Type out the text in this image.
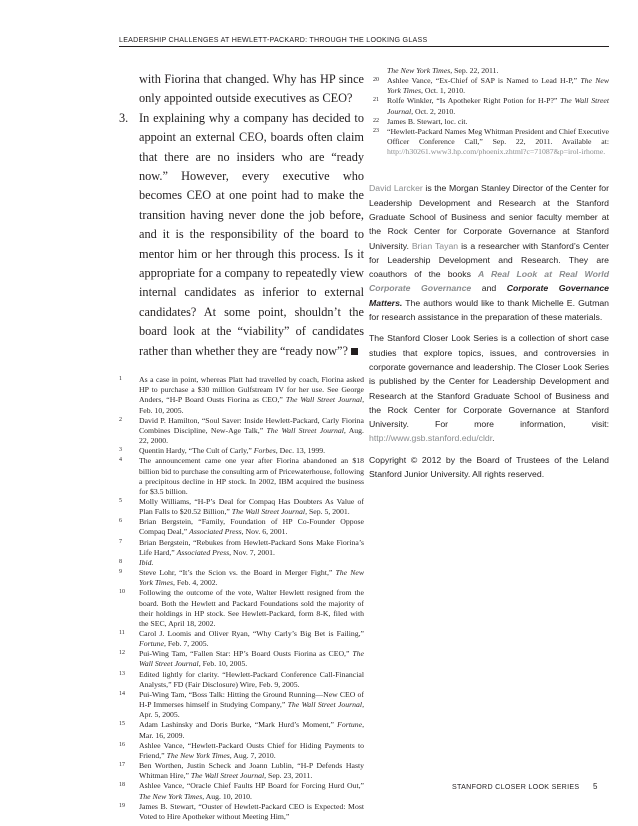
LEADERSHIP CHALLENGES AT HEWLETT-PACKARD: THROUGH THE LOOKING GLASS

with Fiorina that changed. Why has HP since only appointed outside executives as CEO?

3. In explaining why a company has decided to appoint an external CEO, boards often claim that there are no insiders who are “ready now.” However, every executive who becomes CEO at one point had to make the transition having never done the job before, and it is the responsibility of the board to mentor him or her through this process. Is it appropriate for a company to repeatedly view internal candidates as inferior to external candidates? At some point, shouldn’t the board look at the “viability” of candidates rather than whether they are “ready now”?

1 As a case in point, whereas Platt had travelled by coach, Fiorina asked HP to purchase a $30 million Gulfstream IV for her use. See George Anders, “H-P Board Ousts Fiorina as CEO,” The Wall Street Journal, Feb. 10, 2005.
2 David P. Hamilton, “Soul Saver: Inside Hewlett-Packard, Carly Fiorina Combines Discipline, New-Age Talk,” The Wall Street Journal, Aug. 22, 2000.
3 Quentin Hardy, “The Cult of Carly,” Forbes, Dec. 13, 1999.
4 The announcement came one year after Fiorina abandoned an $18 billion bid to purchase the consulting arm of Pricewaterhouse, following a precipitous decline in HP stock. In 2002, IBM acquired the business for $3.5 billion.
5 Molly Williams, “H-P’s Deal for Compaq Has Doubters As Value of Plan Falls to $20.52 Billion,” The Wall Street Journal, Sep. 5, 2001.
6 Brian Bergstein, “Family, Foundation of HP Co-Founder Oppose Compaq Deal,” Associated Press, Nov. 6, 2001.
7 Brian Bergstein, “Rebukes from Hewlett-Packard Sons Make Fiorina’s Life Hard,” Associated Press, Nov. 7, 2001.
8 Ibid.
9 Steve Lohr, “It’s the Scion vs. the Board in Merger Fight,” The New York Times, Feb. 4, 2002.
10 Following the outcome of the vote, Walter Hewlett resigned from the board. Both the Hewlett and Packard Foundations sold the majority of their holdings in HP stock. See Hewlett-Packard, form 8-K, filed with the SEC, April 18, 2002.
11 Carol J. Loomis and Oliver Ryan, “Why Carly’s Big Bet is Failing,” Fortune, Feb. 7, 2005.
12 Pui-Wing Tam, “Fallen Star: HP’s Board Ousts Fiorina as CEO,” The Wall Street Journal, Feb. 10, 2005.
13 Edited lightly for clarity. “Hewlett-Packard Conference Call-Financial Analysts,” FD (Fair Disclosure) Wire, Feb. 9, 2005.
14 Pui-Wing Tam, “Boss Talk: Hitting the Ground Running—New CEO of H-P Immerses himself in Studying Company,” The Wall Street Journal, Apr. 5, 2005.
15 Adam Lashinsky and Doris Burke, “Mark Hurd’s Moment,” Fortune, Mar. 16, 2009.
16 Ashlee Vance, “Hewlett-Packard Ousts Chief for Hiding Payments to Friend,” The New York Times, Aug. 7, 2010.
17 Ben Worthen, Justin Scheck and Joann Lublin, “H-P Defends Hasty Whitman Hire,” The Wall Street Journal, Sep. 23, 2011.
18 Ashlee Vance, “Oracle Chief Faults HP Board for Forcing Hurd Out,” The New York Times, Aug. 10, 2010.
19 James B. Stewart, “Ouster of Hewlett-Packard CEO is Expected: Most Voted to Hire Apotheker without Meeting Him,”
The New York Times, Sep. 22, 2011.
20 Ashlee Vance, “Ex-Chief of SAP is Named to Lead H-P,” The New York Times, Oct. 1, 2010.
21 Rolfe Winkler, “Is Apotheker Right Potion for H-P?” The Wall Street Journal, Oct. 2, 2010.
22 James B. Stewart, loc. cit.
23 “Hewlett-Packard Names Meg Whitman President and Chief Executive Officer Conference Call,” Sep. 22, 2011. Available at: http://h30261.www3.hp.com/phoenix.zhtml?c=71087&p=irol-irhome.

David Larcker is the Morgan Stanley Director of the Center for Leadership Development and Research at the Stanford Graduate School of Business and senior faculty member at the Rock Center for Corporate Governance at Stanford University. Brian Tayan is a researcher with Stanford’s Center for Leadership Development and Research. They are coauthors of the books A Real Look at Real World Corporate Governance and Corporate Governance Matters. The authors would like to thank Michelle E. Gutman for research assistance in the preparation of these materials.

The Stanford Closer Look Series is a collection of short case studies that explore topics, issues, and controversies in corporate governance and leadership. The Closer Look Series is published by the Center for Leadership Development and Research at the Stanford Graduate School of Business and the Rock Center for Corporate Governance at Stanford University. For more information, visit: http://www.gsb.stanford.edu/cldr.

Copyright © 2012 by the Board of Trustees of the Leland Stanford Junior University. All rights reserved.

STANFORD CLOSER LOOK SERIES 5
